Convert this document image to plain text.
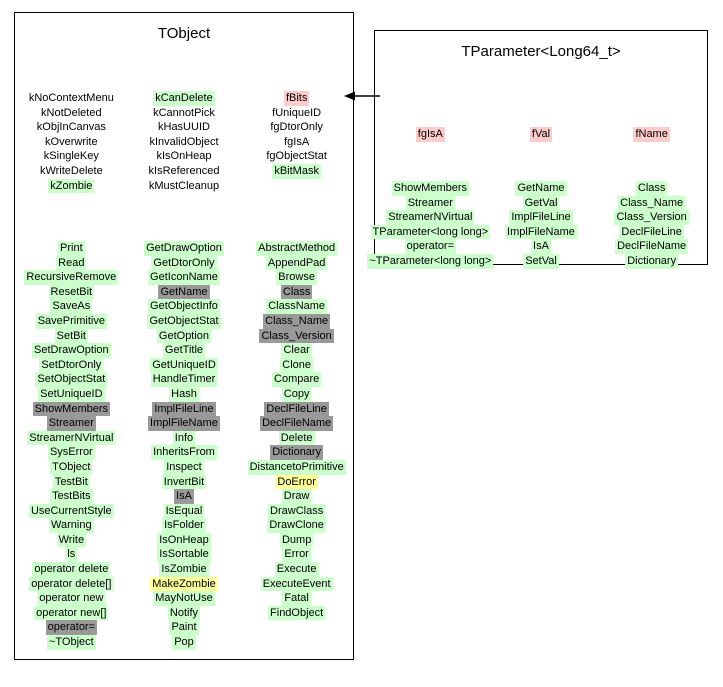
TObject
kNoContextMenu
kNotDeleted
kObjInCanvas
kOverwrite
kSingleKey
kWriteDelete
kZombie
kCanDelete
kCannotPick
kHasUUID
kInvalidObject
kIsOnHeap
kIsReferenced
kMustCleanup
fBits
fUniqueID
fgDtorOnly
fgIsA
fgObjectStat
kBitMask
Print
Read
RecursiveRemove
ResetBit
SaveAs
SavePrimitive
SetBit
SetDrawOption
SetDtorOnly
SetObjectStat
SetUniqueID
ShowMembers
Streamer
StreamerNVirtual
SysError
TObject
TestBit
TestBits
UseCurrentStyle
Warning
Write
ls
operator delete
operator delete[]
operator new
operator new[]
operator=
~TObject
GetDrawOption
GetDtorOnly
GetIconName
GetName
GetObjectInfo
GetObjectStat
GetOption
GetTitle
GetUniqueID
HandleTimer
Hash
ImplFileLine
ImplFileName
Info
InheritsFrom
Inspect
InvertBit
IsA
IsEqual
IsFolder
IsOnHeap
IsSortable
IsZombie
MakeZombie
MayNotUse
Notify
Paint
Pop
AbstractMethod
AppendPad
Browse
Class
ClassName
Class_Name
Class_Version
Clear
Clone
Compare
Copy
DeclFileLine
DeclFileName
Delete
Dictionary
DistancetoPrimitive
DoError
Draw
DrawClass
DrawClone
Dump
Error
Execute
ExecuteEvent
Fatal
FindObject
TParameter<Long64_t>
fgIsA	fVal	fName
ShowMembers
Streamer
StreamerNVirtual
TParameter<long long>
operator=
~TParameter<long long>
GetName
GetVal
ImplFileLine
ImplFileName
IsA
SetVal
Class
Class_Name
Class_Version
DeclFileLine
DeclFileName
Dictionary
